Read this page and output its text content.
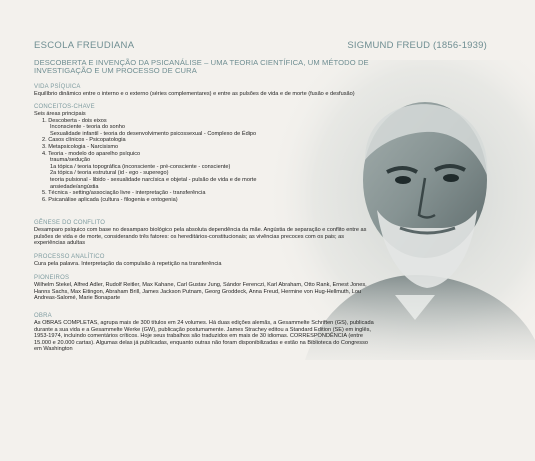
ESCOLA FREUDIANA	SIGMUND FREUD (1856-1939)
DESCOBERTA E INVENÇÃO DA PSICANÁLISE – UMA TEORIA CIENTÍFICA, UM MÉTODO DE INVESTIGAÇÃO E UM PROCESSO DE CURA
VIDA PSÍQUICA
Equilíbrio dinâmico entre o interno e o externo (séries complementares) e entre as pulsões de vida e de morte (fusão e desfusão)
CONCEITOS-CHAVE
Seis áreas principais
1. Descoberta - dois eixos
Inconsciente - teoria do sonho
Sexualidade infantil - teoria do desenvolvimento psicossexual - Complexo de Édipo
2. Casos clínicos - Psicopatologia
3. Metapsicologia - Narcisismo
4. Teoria - modelo do aparelho psíquico
trauma/sedução
1a tópica / teoria topográfica (inconsciente - pré-consciente - consciente)
2a tópica / teoria estrutural (id - ego - superego)
teoria pulsional - libido - sexualidade narcísica e objetal - pulsão de vida e de morte
ansiedade/angústia
5. Técnica - setting/associação livre - interpretação - transferência
6. Psicanálise aplicada (cultura - filogenia e ontogenia)
GÊNESE DO CONFLITO
Desamparo psíquico com base no desamparo biológico pela absoluta dependência da mãe. Angústia de separação e conflito entre as pulsões de vida e de morte, considerando três fatores: os hereditários-constitucionais; as vivências precoces com os pais; as experiências adultas
PROCESSO ANALÍTICO
Cura pela palavra. Interpretação da compulsão à repetição na transferência
PIONEIROS
Wilhelm Stekel, Alfred Adler, Rudolf Reitler, Max Kahane, Carl Gustav Jung, Sándor Ferenczi, Karl Abraham, Otto Rank, Ernest Jones, Hanns Sachs, Max Eitingon, Abraham Brill, James Jackson Putnam, Georg Groddeck, Anna Freud, Hermine von Hug-Hellmuth, Lou Andreas-Salomé, Marie Bonaparte
OBRA
As OBRAS COMPLETAS, agrupa mais de 300 títulos em 24 volumes. Há duas edições alemãs, a Gesammelte Schriften (GS), publicada durante a sua vida e a Gesammelte Werke (GW), publicação postumamente. James Strachey editou a Standard Edition (SE) em inglês, 1953-1974, incluindo comentários críticos. Hoje seus trabalhos são traduzidos em mais de 30 idiomas. CORRESPONDÊNCIA (entre 15.000 e 20.000 cartas). Algumas delas já publicadas, enquanto outras não foram disponibilizadas e estão na Biblioteca do Congresso em Washington
